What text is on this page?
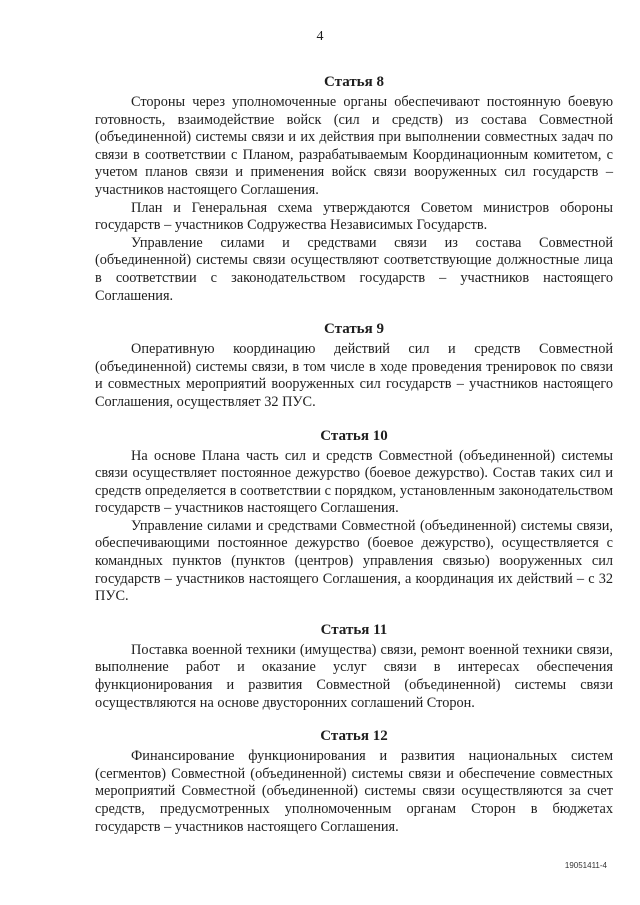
4
Статья 8

Стороны через уполномоченные органы обеспечивают постоянную боевую готовность, взаимодействие войск (сил и средств) из состава Совместной (объединенной) системы связи и их действия при выполнении совместных задач по связи в соответствии с Планом, разрабатываемым Координационным комитетом, с учетом планов связи и применения войск связи вооруженных сил государств – участников настоящего Соглашения.

План и Генеральная схема утверждаются Советом министров обороны государств – участников Содружества Независимых Государств.

Управление силами и средствами связи из состава Совместной (объединенной) системы связи осуществляют соответствующие должностные лица в соответствии с законодательством государств – участников настоящего Соглашения.

Статья 9

Оперативную координацию действий сил и средств Совместной (объединенной) системы связи, в том числе в ходе проведения тренировок по связи и совместных мероприятий вооруженных сил государств – участников настоящего Соглашения, осуществляет 32 ПУС.

Статья 10

На основе Плана часть сил и средств Совместной (объединенной) системы связи осуществляет постоянное дежурство (боевое дежурство). Состав таких сил и средств определяется в соответствии с порядком, установленным законодательством государств – участников настоящего Соглашения.

Управление силами и средствами Совместной (объединенной) системы связи, обеспечивающими постоянное дежурство (боевое дежурство), осуществляется с командных пунктов (пунктов (центров) управления связью) вооруженных сил государств – участников настоящего Соглашения, а координация их действий – с 32 ПУС.

Статья 11

Поставка военной техники (имущества) связи, ремонт военной техники связи, выполнение работ и оказание услуг связи в интересах обеспечения функционирования и развития Совместной (объединенной) системы связи осуществляются на основе двусторонних соглашений Сторон.

Статья 12

Финансирование функционирования и развития национальных систем (сегментов) Совместной (объединенной) системы связи и обеспечение совместных мероприятий Совместной (объединенной) системы связи осуществляются за счет средств, предусмотренных уполномоченным органам Сторон в бюджетах государств – участников настоящего Соглашения.

19051411-4
